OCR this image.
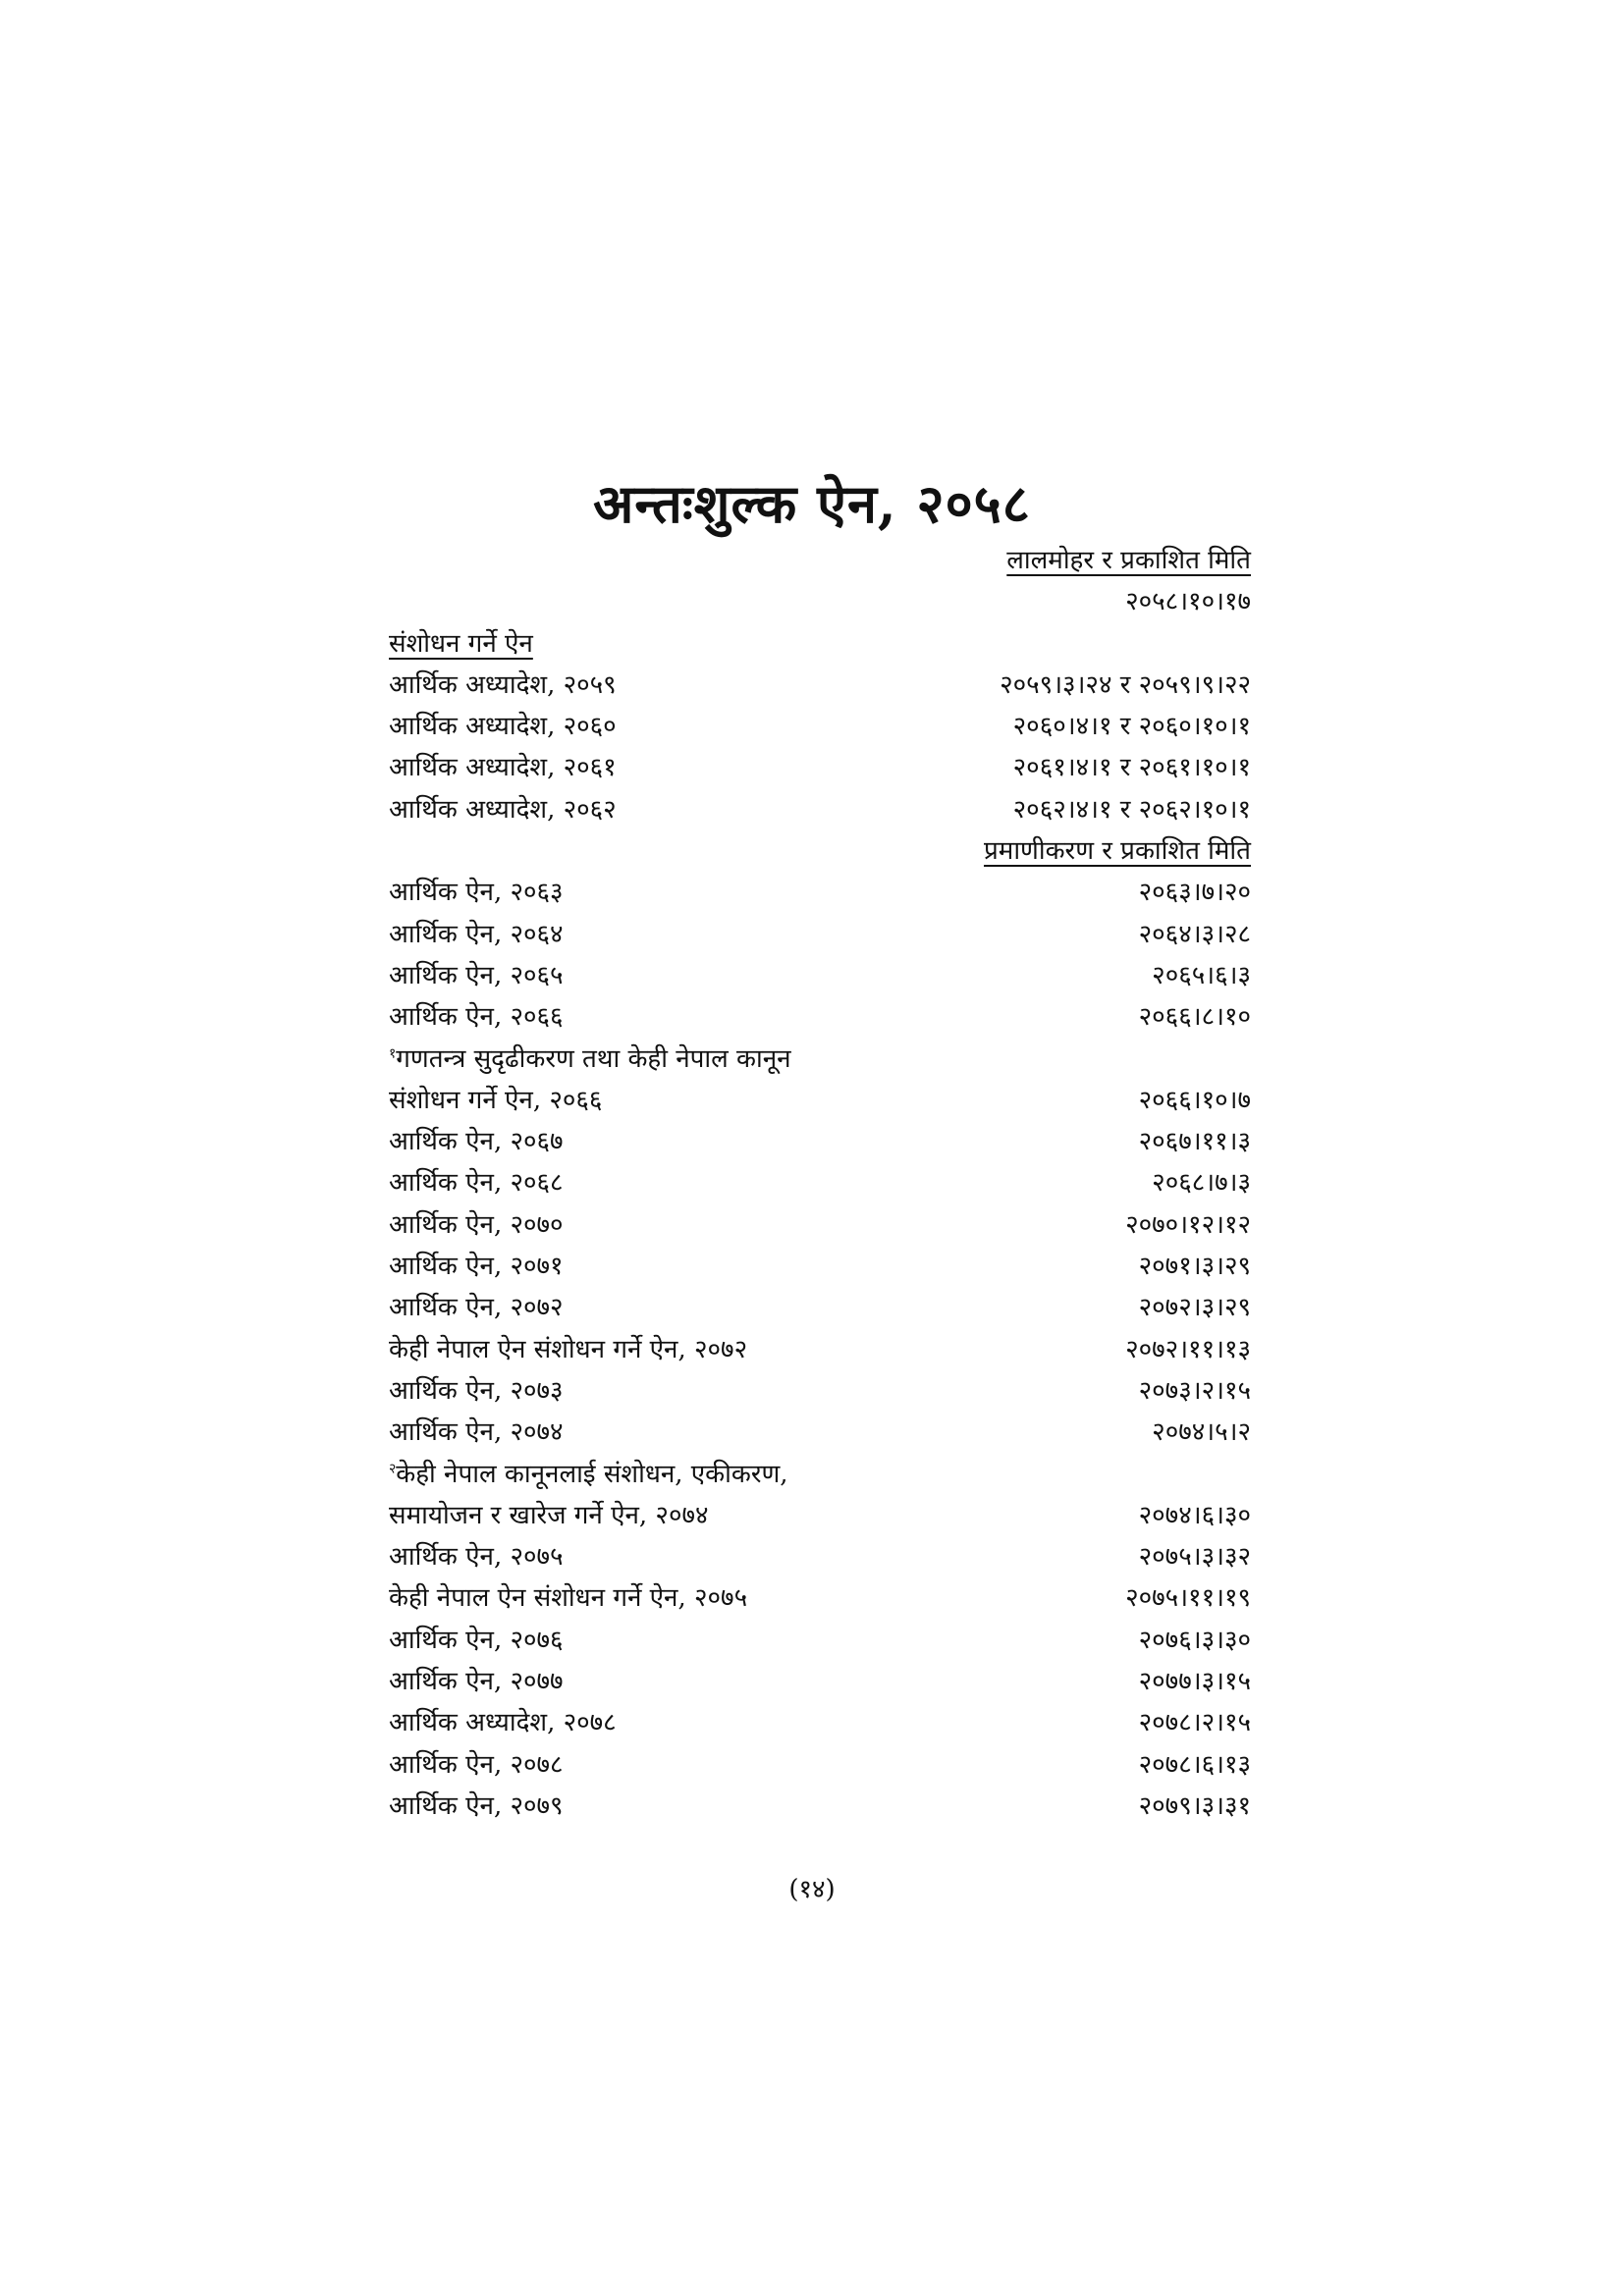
अन्तःशुल्क ऐन, २०५८
लालमोहर र प्रकाशित मिति
२०५८।१०।१७
संशोधन गर्ने ऐन
आर्थिक अध्यादेश, २०५९	२०५९।३।२४ र २०५९।९।२२
आर्थिक अध्यादेश, २०६०	२०६०।४।१ र २०६०।१०।१
आर्थिक अध्यादेश, २०६१	२०६१।४।१ र २०६१।१०।१
आर्थिक अध्यादेश, २०६२	२०६२।४।१ र २०६२।१०।१
प्रमाणीकरण र प्रकाशित मिति
आर्थिक ऐन, २०६३	२०६३।७।२०
आर्थिक ऐन, २०६४	२०६४।३।२८
आर्थिक ऐन, २०६५	२०६५।६।३
आर्थिक ऐन, २०६६	२०६६।८।१०
$^१$गणतन्त्र सुदृढीकरण तथा केही नेपाल कानून
संशोधन गर्ने ऐन, २०६६	२०६६।१०।७
आर्थिक ऐन, २०६७	२०६७।११।३
आर्थिक ऐन, २०६८	२०६८।७।३
आर्थिक ऐन, २०७०	२०७०।१२।१२
आर्थिक ऐन, २०७१	२०७१।३।२९
आर्थिक ऐन, २०७२	२०७२।३।२९
केही नेपाल ऐन संशोधन गर्ने ऐन, २०७२	२०७२।११।१३
आर्थिक ऐन, २०७३	२०७३।२।१५
आर्थिक ऐन, २०७४	२०७४।५।२
$^२$केही नेपाल कानूनलाई संशोधन, एकीकरण,
समायोजन र खारेज गर्ने ऐन, २०७४	२०७४।६।३०
आर्थिक ऐन, २०७५	२०७५।३।३२
केही नेपाल ऐन संशोधन गर्ने ऐन, २०७५	२०७५।११।१९
आर्थिक ऐन, २०७६	२०७६।३।३०
आर्थिक ऐन, २०७७	२०७७।३।१५
आर्थिक अध्यादेश, २०७८	२०७८।२।१५
आर्थिक ऐन, २०७८	२०७८।६।१३
आर्थिक ऐन, २०७९	२०७९।३।३१
(१४)
